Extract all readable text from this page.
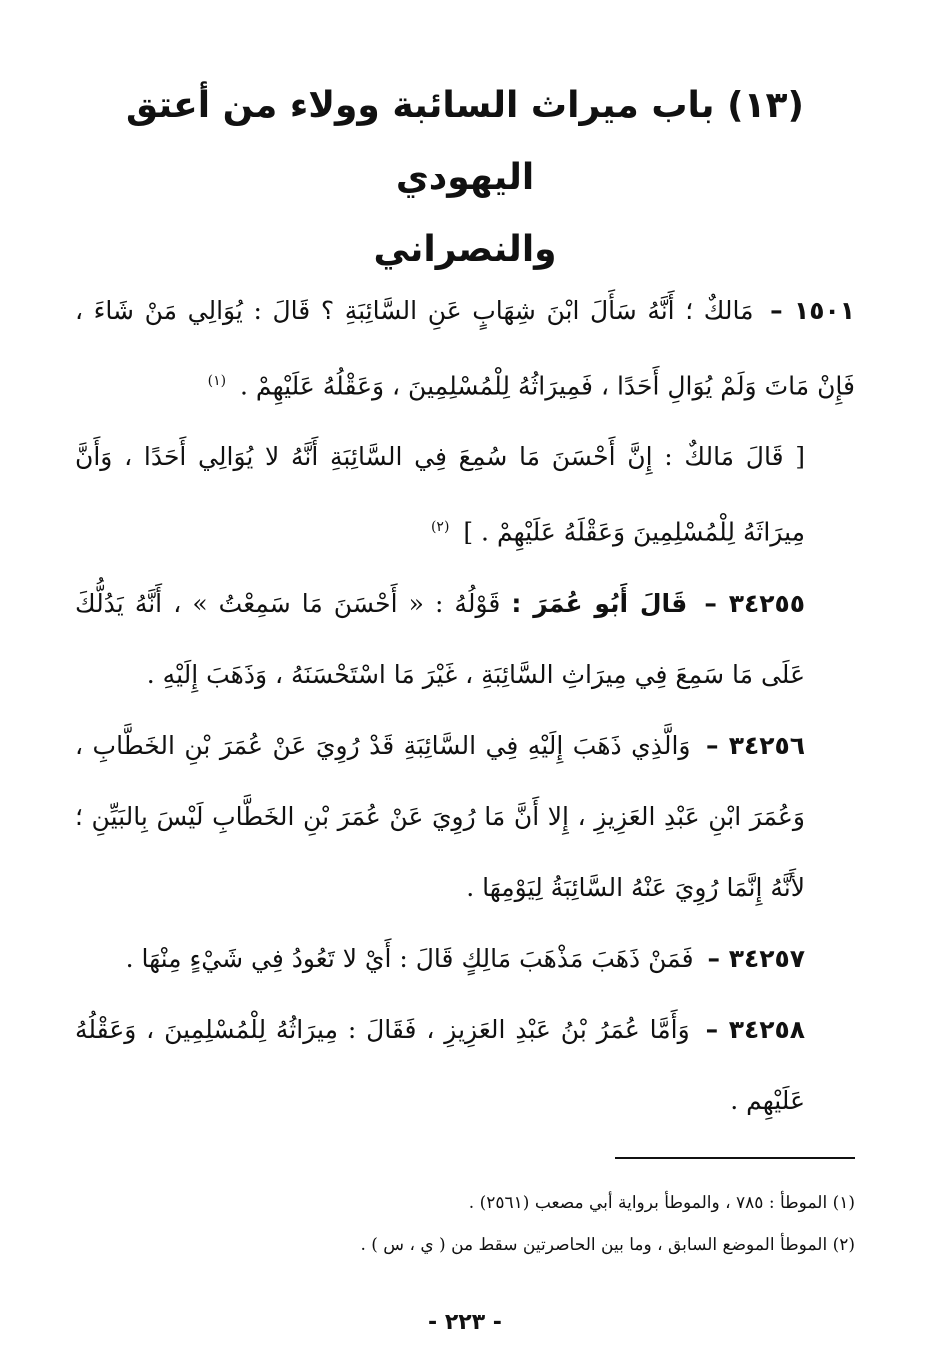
(١٣) باب ميراث السائبة وولاء من أعتق اليهودي
والنصراني

١٥٠١ – مَالكٌ ؛ أَنَّهُ سَأَلَ ابْنَ شِهَابٍ عَنِ السَّائِبَةِ ؟ قَالَ : يُوَالِي مَنْ شَاءَ ، فَإِنْ مَاتَ وَلَمْ يُوَالِ أَحَدًا ، فَمِيرَاثُهُ لِلْمُسْلِمِينَ ، وَعَقْلُهُ عَلَيْهِمْ . $^{(١)}$

[ قَالَ مَالكٌ : إِنَّ أَحْسَنَ مَا سُمِعَ فِي السَّائِبَةِ أَنَّهُ لا يُوَالِي أَحَدًا ، وَأَنَّ مِيرَاثَهُ لِلْمُسْلِمِينَ وَعَقْلَهُ عَلَيْهِمْ . ] $^{(٢)}$

٣٤٢٥٥ – قَالَ أَبُو عُمَرَ : قَوْلُهُ : « أَحْسَنَ مَا سَمِعْتُ » ، أَنَّهُ يَدُلُّكَ عَلَى مَا سَمِعَ فِي مِيرَاثِ السَّائِبَةِ ، غَيْرَ مَا اسْتَحْسَنَهُ ، وَذَهَبَ إِلَيْهِ .

٣٤٢٥٦ – وَالَّذِي ذَهَبَ إِلَيْهِ فِي السَّائِبَةِ قَدْ رُوِيَ عَنْ عُمَرَ بْنِ الخَطَّابِ ، وَعُمَرَ ابْنِ عَبْدِ العَزِيزِ ، إِلا أَنَّ مَا رُوِيَ عَنْ عُمَرَ بْنِ الخَطَّابِ لَيْسَ بِالبَيِّنِ ؛ لأَنَّهُ إِنَّمَا رُوِيَ عَنْهُ السَّائِبَةُ لِيَوْمِهَا .

٣٤٢٥٧ – فَمَنْ ذَهَبَ مَذْهَبَ مَالِكٍ قَالَ : أَيْ لا تَعُودُ فِي شَيْءٍ مِنْهَا .

٣٤٢٥٨ – وَأَمَّا عُمَرُ بْنُ عَبْدِ العَزِيزِ ، فَقَالَ : مِيرَاثُهُ لِلْمُسْلِمِينَ ، وَعَقْلُهُ عَلَيْهِم .

(١) الموطأ : ٧٨٥ ، والموطأ برواية أبي مصعب (٢٥٦١) .
(٢) الموطأ الموضع السابق ، وما بين الحاصرتين سقط من ( ي ، س ) .
- ٢٢٣ -
